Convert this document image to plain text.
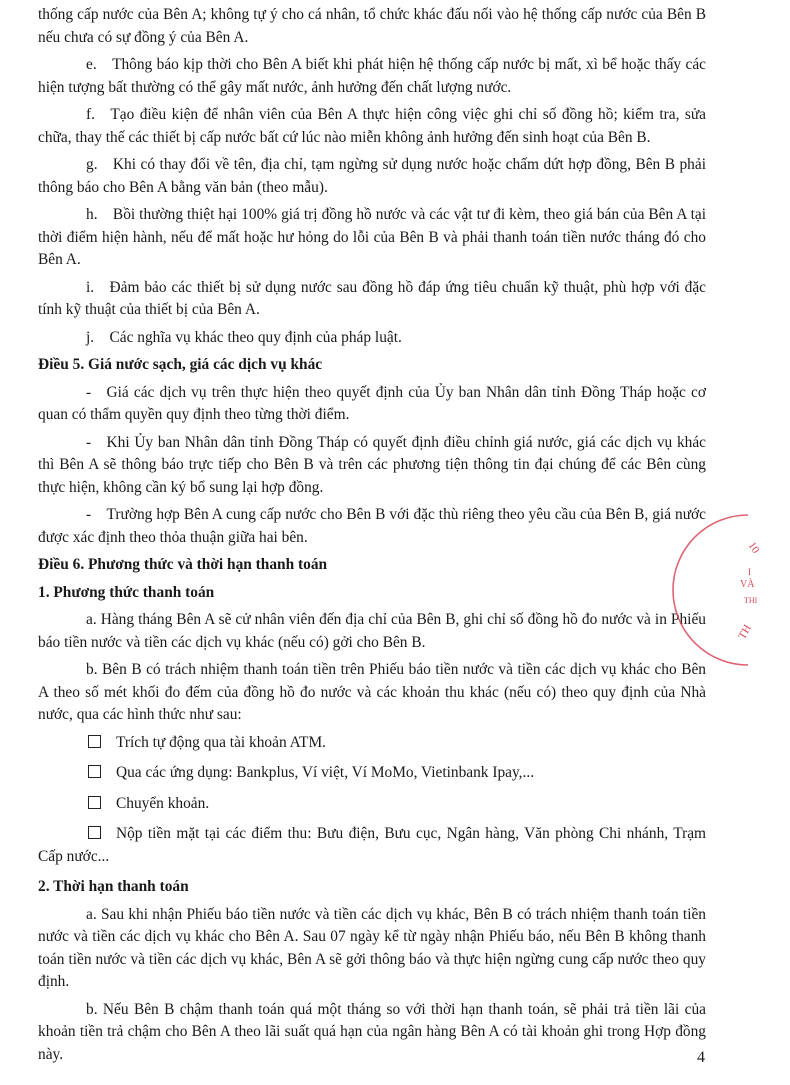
thống cấp nước của Bên A; không tự ý cho cá nhân, tổ chức khác đấu nối vào hệ thống cấp nước của Bên B nếu chưa có sự đồng ý của Bên A.

e. Thông báo kịp thời cho Bên A biết khi phát hiện hệ thống cấp nước bị mất, xì bể hoặc thấy các hiện tượng bất thường có thể gây mất nước, ảnh hưởng đến chất lượng nước.

f. Tạo điều kiện để nhân viên của Bên A thực hiện công việc ghi chỉ số đồng hồ; kiểm tra, sửa chữa, thay thế các thiết bị cấp nước bất cứ lúc nào miễn không ảnh hưởng đến sinh hoạt của Bên B.

g. Khi có thay đổi về tên, địa chỉ, tạm ngừng sử dụng nước hoặc chấm dứt hợp đồng, Bên B phải thông báo cho Bên A bằng văn bản (theo mẫu).

h. Bồi thường thiệt hại 100% giá trị đồng hồ nước và các vật tư đi kèm, theo giá bán của Bên A tại thời điểm hiện hành, nếu để mất hoặc hư hỏng do lỗi của Bên B và phải thanh toán tiền nước tháng đó cho Bên A.

i. Đảm bảo các thiết bị sử dụng nước sau đồng hồ đáp ứng tiêu chuẩn kỹ thuật, phù hợp với đặc tính kỹ thuật của thiết bị của Bên A.

j. Các nghĩa vụ khác theo quy định của pháp luật.

Điều 5. Giá nước sạch, giá các dịch vụ khác

- Giá các dịch vụ trên thực hiện theo quyết định của Ủy ban Nhân dân tỉnh Đồng Tháp hoặc cơ quan có thẩm quyền quy định theo từng thời điểm.

- Khi Ủy ban Nhân dân tỉnh Đồng Tháp có quyết định điều chỉnh giá nước, giá các dịch vụ khác thì Bên A sẽ thông báo trực tiếp cho Bên B và trên các phương tiện thông tin đại chúng để các Bên cùng thực hiện, không cần ký bổ sung lại hợp đồng.

- Trường hợp Bên A cung cấp nước cho Bên B với đặc thù riêng theo yêu cầu của Bên B, giá nước được xác định theo thỏa thuận giữa hai bên.

Điều 6. Phương thức và thời hạn thanh toán

1. Phương thức thanh toán

a. Hàng tháng Bên A sẽ cử nhân viên đến địa chỉ của Bên B, ghi chỉ số đồng hồ đo nước và in Phiếu báo tiền nước và tiền các dịch vụ khác (nếu có) gởi cho Bên B.

b. Bên B có trách nhiệm thanh toán tiền trên Phiếu báo tiền nước và tiền các dịch vụ khác cho Bên A theo số mét khối đo đếm của đồng hồ đo nước và các khoản thu khác (nếu có) theo quy định của Nhà nước, qua các hình thức như sau:

Trích tự động qua tài khoản ATM.
Qua các ứng dụng: Bankplus, Ví việt, Ví MoMo, Vietinbank Ipay,...
Chuyển khoản.
Nộp tiền mặt tại các điểm thu: Bưu điện, Bưu cục, Ngân hàng, Văn phòng Chi nhánh, Trạm Cấp nước...

2. Thời hạn thanh toán

a. Sau khi nhận Phiếu báo tiền nước và tiền các dịch vụ khác, Bên B có trách nhiệm thanh toán tiền nước và tiền các dịch vụ khác cho Bên A. Sau 07 ngày kể từ ngày nhận Phiếu báo, nếu Bên B không thanh toán tiền nước và tiền các dịch vụ khác, Bên A sẽ gởi thông báo và thực hiện ngừng cung cấp nước theo quy định.

b. Nếu Bên B chậm thanh toán quá một tháng so với thời hạn thanh toán, sẽ phải trả tiền lãi của khoản tiền trả chậm cho Bên A theo lãi suất quá hạn của ngân hàng Bên A có tài khoản ghi trong Hợp đồng này.

10
I
VÀ
THI
TH
4
